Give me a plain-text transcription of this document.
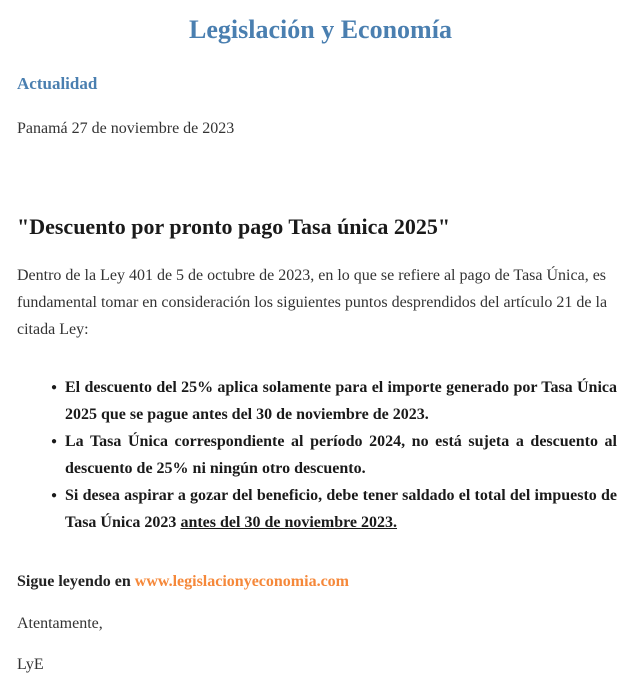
Legislación y Economía
Actualidad
Panamá 27 de noviembre de 2023
"Descuento por pronto pago Tasa única 2025"
Dentro de la Ley 401 de 5 de octubre de 2023, en lo que se refiere al pago de Tasa Única, es fundamental tomar en consideración los siguientes puntos desprendidos del artículo 21 de la citada Ley:
● El descuento del 25% aplica solamente para el importe generado por Tasa Única 2025 que se pague antes del 30 de noviembre de 2023.
● La Tasa Única correspondiente al período 2024, no está sujeta a descuento al descuento de 25% ni ningún otro descuento.
● Si desea aspirar a gozar del beneficio, debe tener saldado el total del impuesto de Tasa Única 2023 antes del 30 de noviembre 2023.
Sigue leyendo en www.legislacionyeconomia.com
Atentamente,
LyE
